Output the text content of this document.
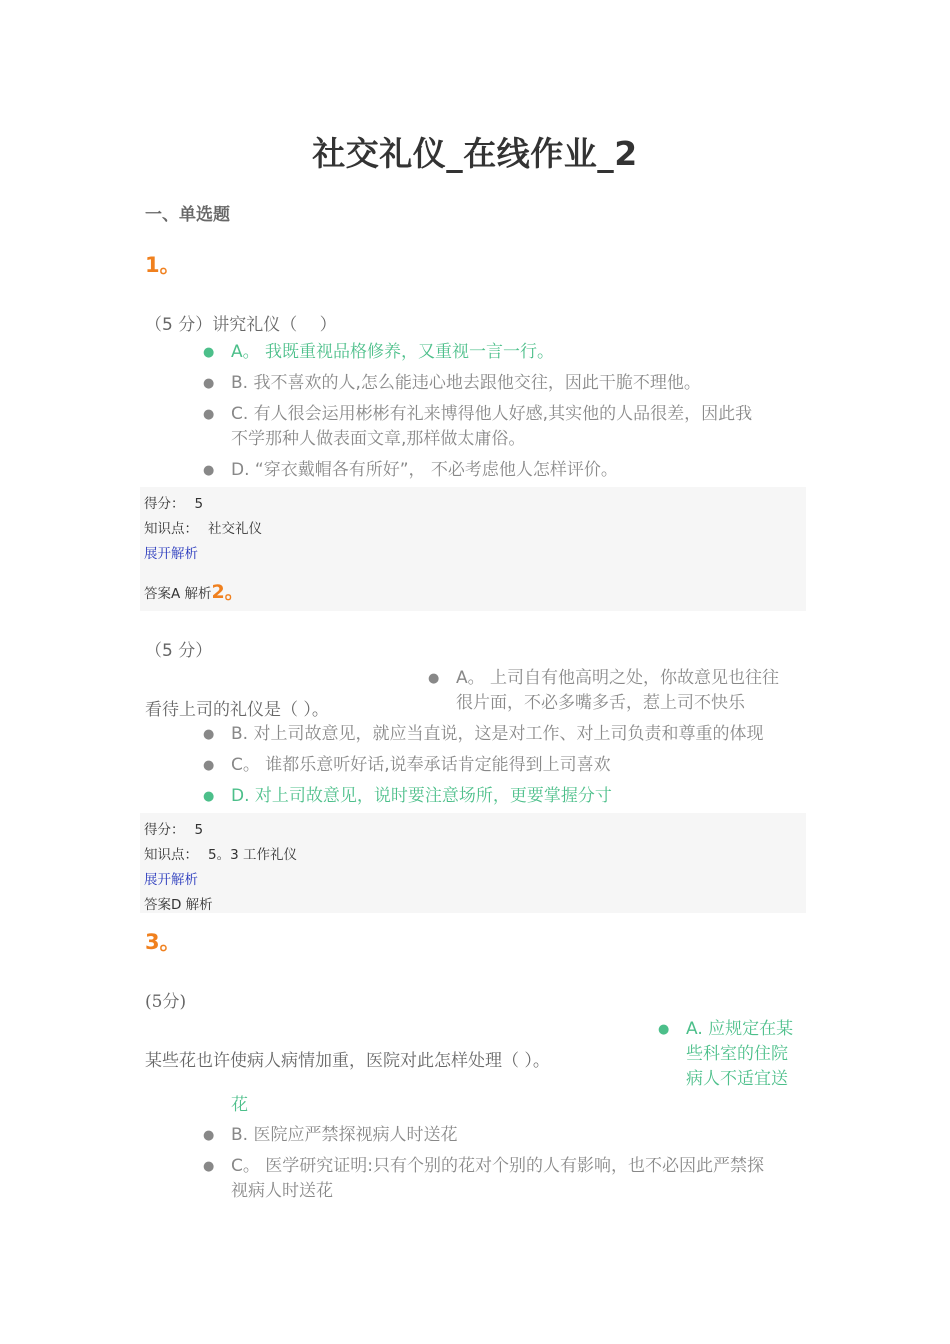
社交礼仪_在线作业_2
一、单选题
1。
（5 分）讲究礼仪（　 ）
● A。 我既重视品格修养，又重视一言一行。
● B. 我不喜欢的人,怎么能违心地去跟他交往，因此干脆不理他。
● C. 有人很会运用彬彬有礼来博得他人好感,其实他的人品很差，因此我
不学那种人做表面文章,那样做太庸俗。
● D. “穿衣戴帽各有所好”， 不必考虑他人怎样评价。
得分： 5
知识点： 社交礼仪
展开解析
答案A 解析2。
（5 分）
看待上司的礼仪是（ ）。
● A。 上司自有他高明之处，你故意见也往往
很片面，不必多嘴多舌，惹上司不快乐
● B. 对上司故意见，就应当直说，这是对工作、对上司负责和尊重的体现
● C。 谁都乐意听好话,说奉承话肯定能得到上司喜欢
● D. 对上司故意见，说时要注意场所，更要掌握分寸
得分： 5
知识点： 5。3 工作礼仪
展开解析
答案D 解析
3。
(5分)
某些花也许使病人病情加重，医院对此怎样处理（ ）。
● A. 应规定在某
些科室的住院
病人不适宜送
花
● B. 医院应严禁探视病人时送花
● C。 医学研究证明:只有个别的花对个别的人有影响，也不必因此严禁探
视病人时送花
